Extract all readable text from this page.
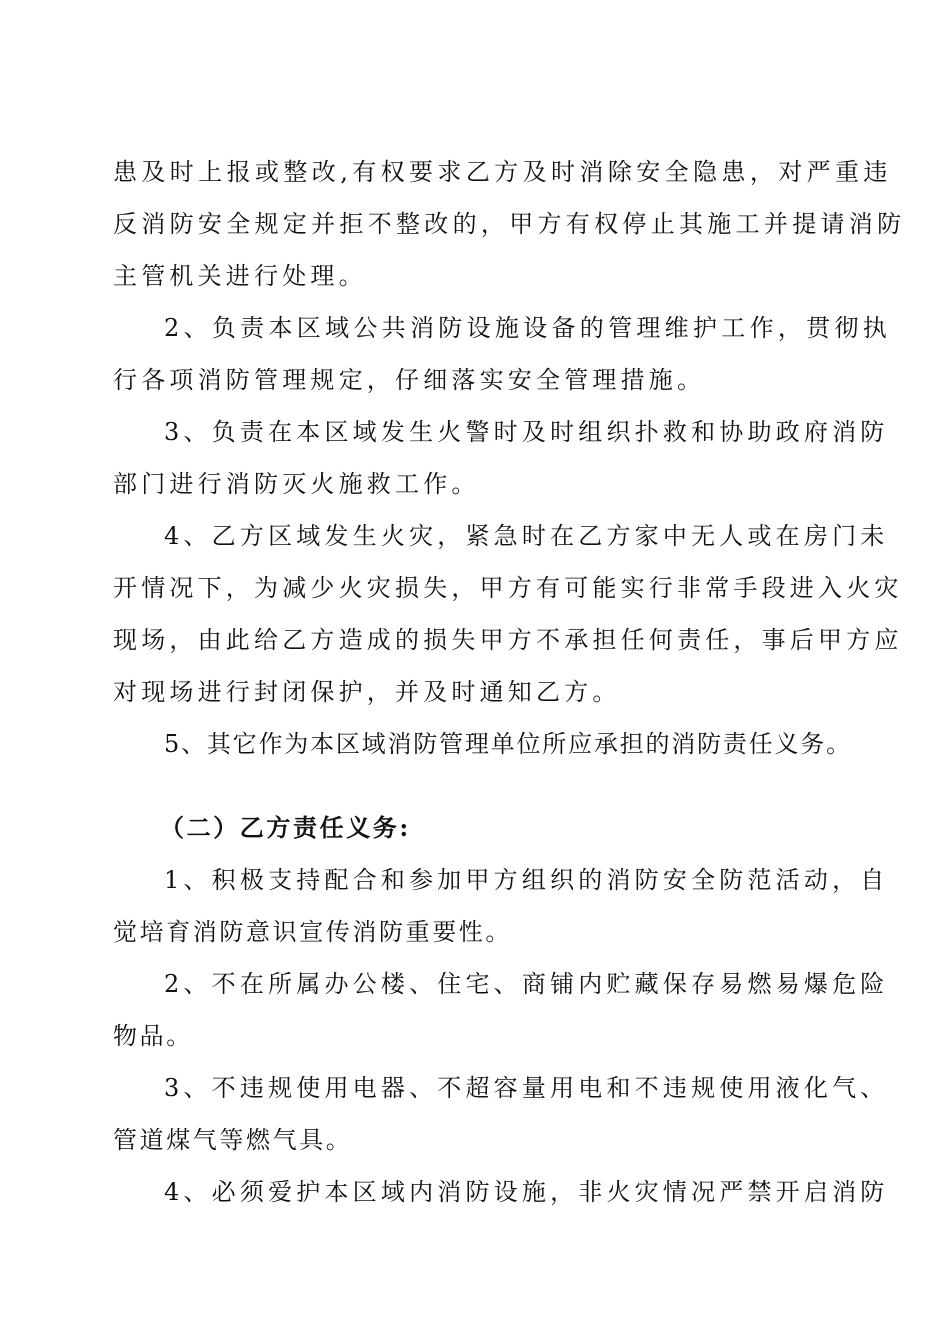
患及时上报或整改,有权要求乙方及时消除安全隐患，对严重违
反消防安全规定并拒不整改的，甲方有权停止其施工并提请消防
主管机关进行处理。
2、负责本区域公共消防设施设备的管理维护工作，贯彻执
行各项消防管理规定，仔细落实安全管理措施。
3、负责在本区域发生火警时及时组织扑救和协助政府消防
部门进行消防灭火施救工作。
4、乙方区域发生火灾，紧急时在乙方家中无人或在房门未
开情况下，为减少火灾损失，甲方有可能实行非常手段进入火灾
现场，由此给乙方造成的损失甲方不承担任何责任，事后甲方应
对现场进行封闭保护，并及时通知乙方。
5、其它作为本区域消防管理单位所应承担的消防责任义务。
（二）乙方责任义务:
1、积极支持配合和参加甲方组织的消防安全防范活动，自
觉培育消防意识宣传消防重要性。
2、不在所属办公楼、住宅、商铺内贮藏保存易燃易爆危险
物品。
3、不违规使用电器、不超容量用电和不违规使用液化气、
管道煤气等燃气具。
4、必须爱护本区域内消防设施，非火灾情况严禁开启消防
